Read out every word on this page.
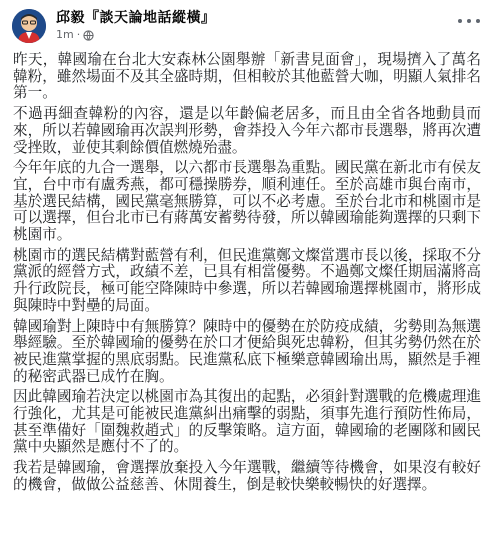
邱毅『談天論地話縱橫』
1m ·

昨天，韓國瑜在台北大安森林公園舉辦「新書見面會」，現場擠入了萬名韓粉，雖然場面不及其全盛時期，但相較於其他藍營大咖，明顯人氣排名第一。

不過再細查韓粉的內容，還是以年齡偏老居多，而且由全省各地動員而來，所以若韓國瑜再次誤判形勢，會莽投入今年六都市長選舉，將再次遭受挫敗，並使其剩餘價值燃燒殆盡。

今年年底的九合一選舉，以六都市長選舉為重點。國民黨在新北市有侯友宜，台中市有盧秀燕，都可穩操勝券，順利連任。至於高雄市與台南市，基於選民結構，國民黨毫無勝算，可以不必考慮。至於台北市和桃園市是可以選擇，但台北市已有蔣萬安蓄勢待發，所以韓國瑜能夠選擇的只剩下桃園市。

桃園市的選民結構對藍營有利，但民進黨鄭文燦當選市長以後，採取不分黨派的經營方式，政績不差，已具有相當優勢。不過鄭文燦任期屆滿將高升行政院長，極可能空降陳時中參選，所以若韓國瑜選擇桃園市，將形成與陳時中對壘的局面。

韓國瑜對上陳時中有無勝算？陳時中的優勢在於防疫成績，劣勢則為無選舉經驗。至於韓國瑜的優勢在於口才便給與死忠韓粉，但其劣勢仍然在於被民進黨掌握的黑底弱點。民進黨私底下極樂意韓國瑜出馬，顯然是手裡的秘密武器已成竹在胸。

因此韓國瑜若決定以桃園市為其復出的起點，必須針對選戰的危機處理進行強化，尤其是可能被民進黨糾出痛擊的弱點，須事先進行預防性佈局，甚至準備好「圍魏救趙式」的反擊策略。這方面，韓國瑜的老團隊和國民黨中央顯然是應付不了的。

我若是韓國瑜，會選擇放棄投入今年選戰，繼續等待機會，如果沒有較好的機會，做做公益慈善、休閒養生，倒是較快樂較暢快的好選擇。
